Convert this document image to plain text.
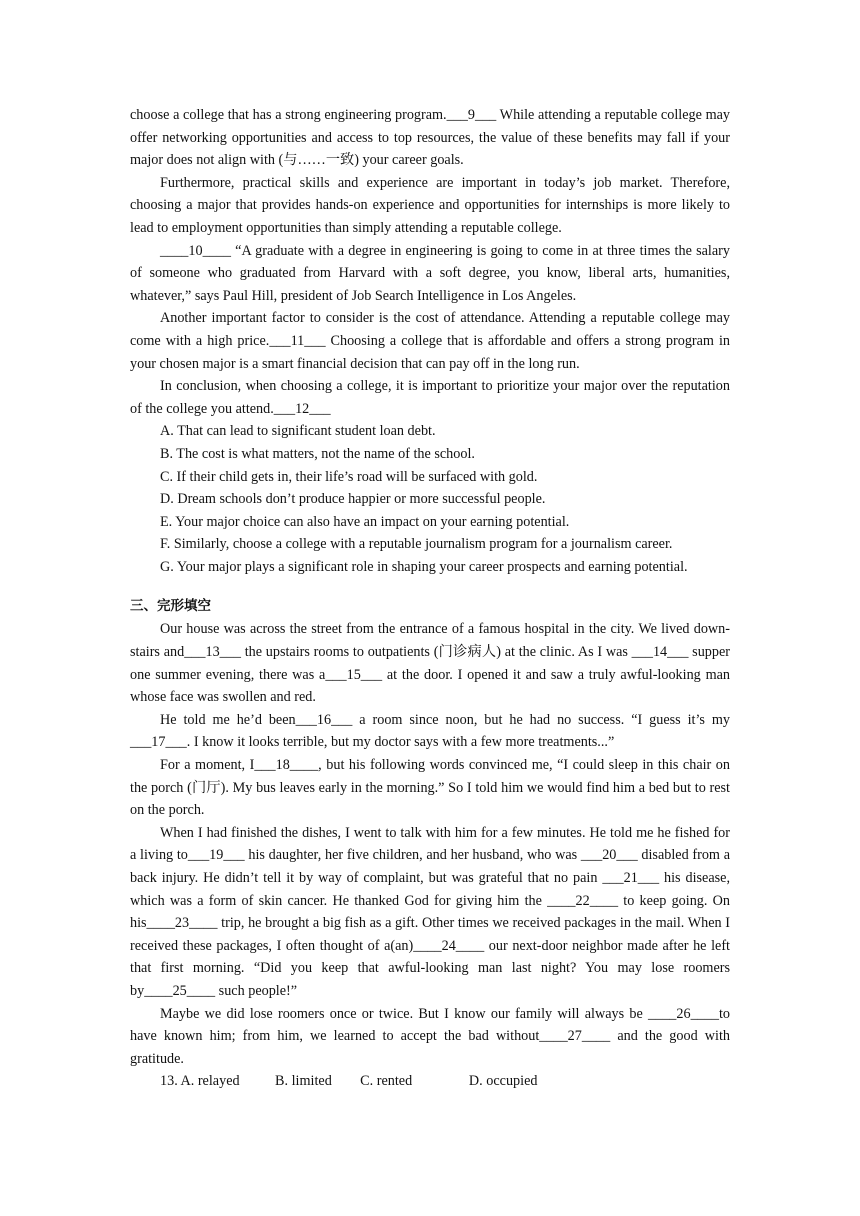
choose a college that has a strong engineering program.___9___ While attending a reputable college may offer networking opportunities and access to top resources, the value of these benefits may fall if your major does not align with (与……一致) your career goals.

Furthermore, practical skills and experience are important in today’s job market. Therefore, choosing a major that provides hands-on experience and opportunities for internships is more likely to lead to employment opportunities than simply attending a reputable college.

____10____ “A graduate with a degree in engineering is going to come in at three times the salary of someone who graduated from Harvard with a soft degree, you know, liberal arts, humanities, whatever,” says Paul Hill, president of Job Search Intelligence in Los Angeles.

Another important factor to consider is the cost of attendance. Attending a reputable college may come with a high price.___11___ Choosing a college that is affordable and offers a strong program in your chosen major is a smart financial decision that can pay off in the long run.

In conclusion, when choosing a college, it is important to prioritize your major over the reputation of the college you attend.___12___

A. That can lead to significant student loan debt.

B. The cost is what matters, not the name of the school.

C. If their child gets in, their life’s road will be surfaced with gold.

D. Dream schools don’t produce happier or more successful people.

E. Your major choice can also have an impact on your earning potential.

F. Similarly, choose a college with a reputable journalism program for a journalism career.

G. Your major plays a significant role in shaping your career prospects and earning potential.

三、完形填空

Our house was across the street from the entrance of a famous hospital in the city. We lived down-stairs and___13___ the upstairs rooms to outpatients (门诊病人) at the clinic. As I was ___14___ supper one summer evening, there was a___15___ at the door. I opened it and saw a truly awful-looking man whose face was swollen and red.

He told me he’d been___16___ a room since noon, but he had no success. “I guess it’s my ___17___. I know it looks terrible, but my doctor says with a few more treatments...”

For a moment, I___18____, but his following words convinced me, “I could sleep in this chair on the porch (门厅). My bus leaves early in the morning.” So I told him we would find him a bed but to rest on the porch.

When I had finished the dishes, I went to talk with him for a few minutes. He told me he fished for a living to___19___ his daughter, her five children, and her husband, who was ___20___ disabled from a back injury. He didn’t tell it by way of complaint, but was grateful that no pain ___21___ his disease, which was a form of skin cancer. He thanked God for giving him the ____22____ to keep going. On his____23____ trip, he brought a big fish as a gift. Other times we received packages in the mail. When I received these packages, I often thought of a(an)____24____ our next-door neighbor made after he left that first morning. “Did you keep that awful-looking man last night? You may lose roomers by____25____ such people!”

Maybe we did lose roomers once or twice. But I know our family will always be ____26____to have known him; from him, we learned to accept the bad without____27____ and the good with gratitude.

13. A. relayed          B. limited        C. rented                D. occupied
